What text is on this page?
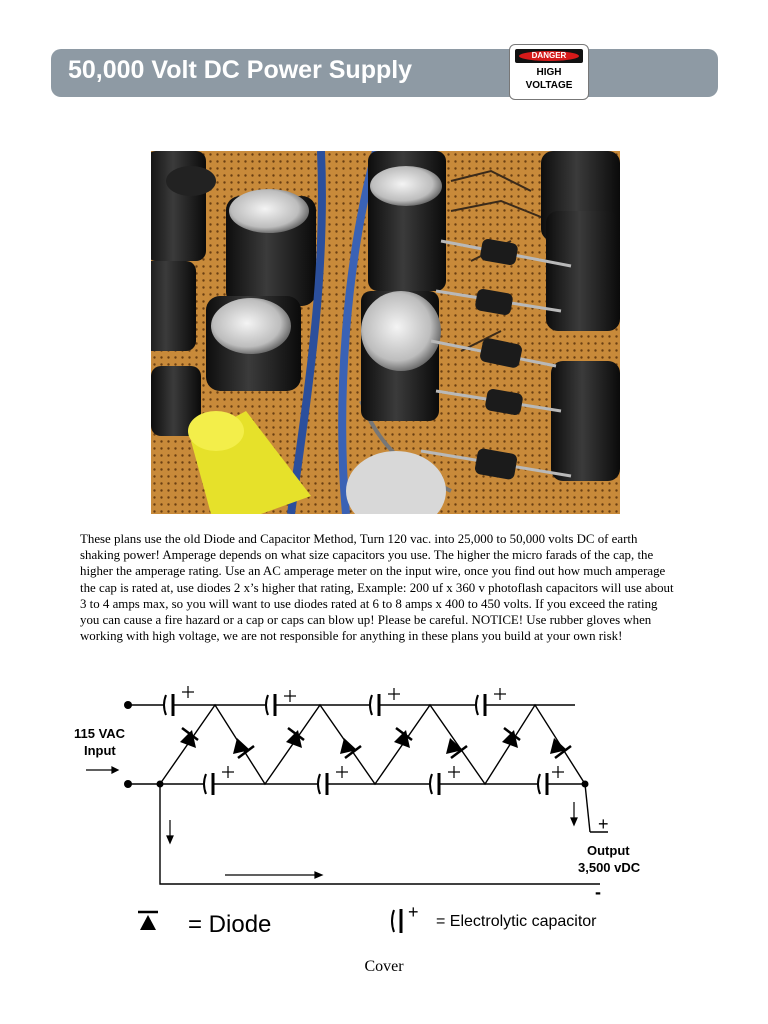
50,000 Volt DC Power Supply
DANGER
HIGH
VOLTAGE

These plans use the old Diode and Capacitor Method, Turn 120 vac. into 25,000 to 50,000 volts DC of earth shaking power! Amperage depends on what size capacitors you use. The higher the micro farads of the cap, the higher the amperage rating. Use an AC amperage meter on the input wire, once you find out how much amperage the cap is rated at, use diodes 2 x’s higher that rating, Example: 200 uf x 360 v photoflash capacitors will use about 3 to 4 amps max, so you will want to use diodes rated at 6 to 8 amps x 400 to 450 volts. If you exceed the rating you can cause a fire hazard or a cap or caps can blow up! Please be careful. NOTICE! Use rubber gloves when working with high voltage, we are not responsible for anything in these plans you build at your own risk!

115 VAC
Input
+
Output
3,500 vDC
-
= Diode	+ = Electrolytic capacitor
Cover
